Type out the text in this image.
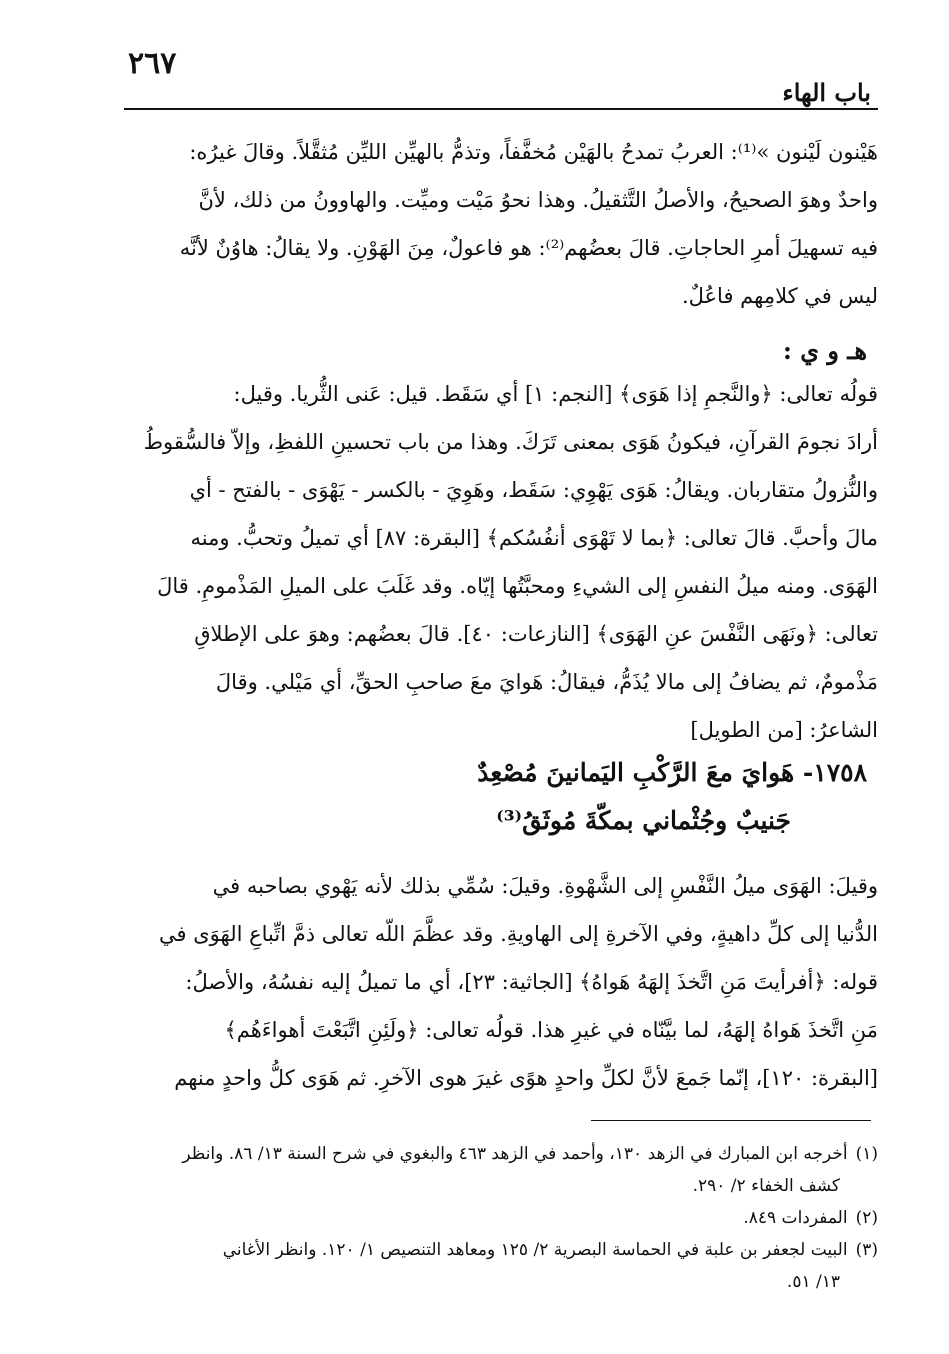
٢٦٧
باب الهاء

هَيْنون لَيْنون »⁽¹⁾: العربُ تمدحُ بالهَيْن مُخفَّفاً، وتذمُّ بالهيِّن الليِّن مُثقَّلاً. وقالَ غيرُه:

واحدٌ وهوَ الصحيحُ، والأصلُ التَّثقيلُ. وهذا نحوُ مَيْت وميِّت. والهاوونُ من ذلك، لأنَّ

فيه تسهيلَ أمرِ الحاجاتِ. قالَ بعضُهم⁽²⁾: هو فاعولٌ، مِنَ الهَوْنِ. ولا يقالُ: هاوُنٌ لأنَّه

ليس في كلامِهم فاعُلٌ.

هـ و ي :

قولُه تعالى: ﴿والنَّجمِ إذا هَوَى﴾ [النجم: ١] أي سَقَط. قيل: عَنى الثُّريا. وقيل:

أرادَ نجومَ القرآنِ، فيكونُ هَوَى بمعنى تَرَكَ. وهذا من باب تحسينِ اللفظِ، وإلاّ فالسُّقوطُ

والنُّزولُ متقاربان. ويقالُ: هَوَى يَهْوِي: سَقَط، وهَوِيَ - بالكسر - يَهْوَى - بالفتح - أي

مالَ وأحبَّ. قالَ تعالى: ﴿بما لا تَهْوَى أنفُسُكم﴾ [البقرة: ٨٧] أي تميلُ وتحبُّ. ومنه

الهَوَى. ومنه ميلُ النفسِ إلى الشيءِ ومحبَّتُها إيّاه. وقد غَلَبَ على الميلِ المَذْمومِ. قالَ

تعالى: ﴿ونَهَى النَّفْسَ عنِ الهَوَى﴾ [النازعات: ٤٠]. قالَ بعضُهم: وهوَ على الإطلاقِ

مَذْمومٌ، ثم يضافُ إلى مالا يُذَمُّ، فيقالُ: هَوايَ معَ صاحبِ الحقِّ، أي مَيْلي. وقالَ

الشاعرُ: [من الطويل]

١٧٥٨- هَوايَ معَ الرَّكْبِ اليَمانينَ مُصْعِدٌ
جَنيبٌ وجُثْماني بمكّةَ مُوثَقُ⁽³⁾

وقيلَ: الهَوَى ميلُ النَّفْسِ إلى الشَّهْوةِ. وقيلَ: سُمِّي بذلك لأنه يَهْوي بصاحبه في

الدُّنيا إلى كلِّ داهيةٍ، وفي الآخرةِ إلى الهاويةِ. وقد عظَّمَ اللّه تعالى ذمَّ اتِّباعِ الهَوَى في

قوله: ﴿أفرأيتَ مَنِ اتَّخذَ إلهَهُ هَواهُ﴾ [الجاثية: ٢٣]، أي ما تميلُ إليه نفسُهُ، والأصلُ:

مَنِ اتَّخذَ هَواهُ إلهَهُ، لما بيَّنّاه في غيرِ هذا. قولُه تعالى: ﴿ولَئِنِ اتَّبَعْتَ أهواءَهُم﴾

[البقرة: ١٢٠]، إنّما جَمعَ لأنَّ لكلِّ واحدٍ هوًى غيرَ هوى الآخرِ. ثم هَوَى كلُّ واحدٍ منهم

(١)أخرجه ابن المبارك في الزهد ١٣٠، وأحمد في الزهد ٤٦٣ والبغوي في شرح السنة ١٣/ ٨٦. وانظر

كشف الخفاء ٢/ ٢٩٠.

(٢)المفردات ٨٤٩.

(٣)البيت لجعفر بن علبة في الحماسة البصرية ٢/ ١٢٥ ومعاهد التنصيص ١/ ١٢٠. وانظر الأغاني

١٣/ ٥١.
